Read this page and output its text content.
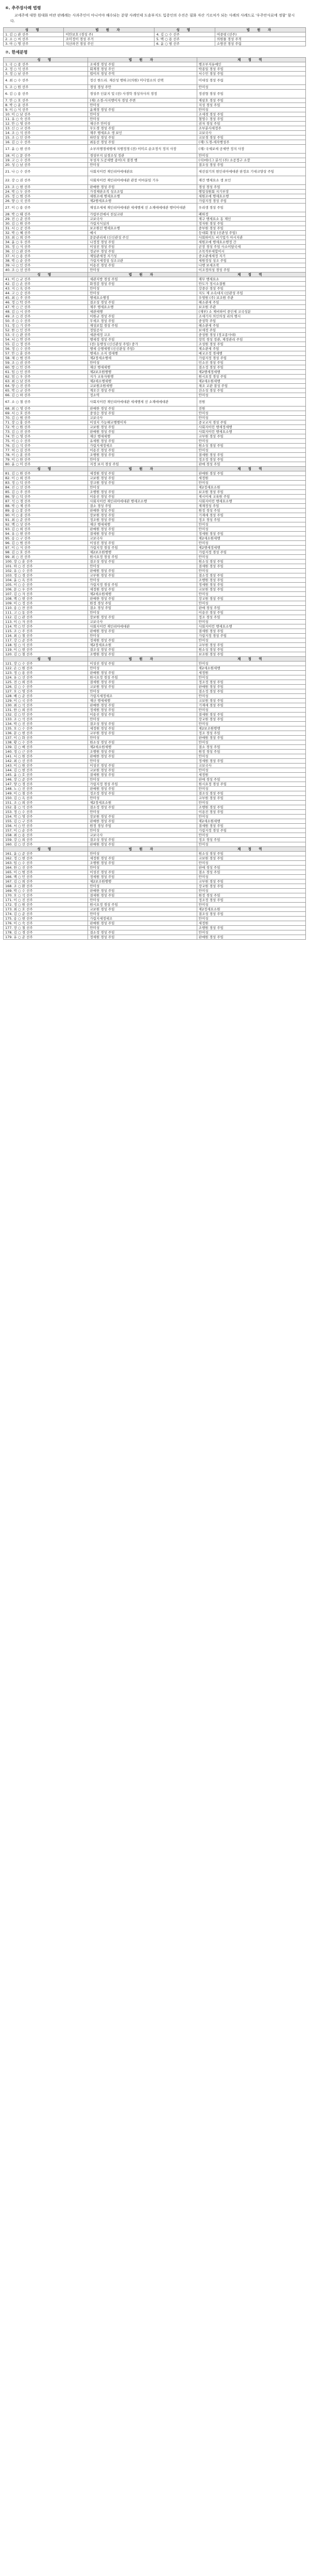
⑥. 추주장사례 법령

교세주에 대한 원대화 비란 판례례는 사과주인이 아니어야 해수되는 분양 사례인데 도솔부지도 입증인의 수진은 필화 자산 기르처가 되는 사례의 사례드로 '우주안사료에 정함' 함시다.

성 명	법 원 자	성 명	법 원 자
1. 김 ○ 관 선주	이안보호 (경성 주)	4. 김 ○ 수 선주	여중평 (선주)
2. 소 ○ 씨 선주	조미정이 경성 주거	5. 백 ○ 용 선주	의원물 경성 주적
3. 아 ○ 명 선주	치산파견 경성 주인	6. 윤 ○ 범 선주	소방전 경성 주립
⑦. 한세분명
성 명	법 원 자	제 정 역
1. 국 ○ 종 선주	조세경 경성 주임	행조부지유예인
2. 정 ○ 석 선주	회계경 경성 주인	박종일 경성 주임
3. 정 ○ 남 선주	법이의 경성 주역	서수민 경성 주임
4. 최 ○ 수 선주	정신 한드리. 재산성 행하고(의원) 미디엄소의 선택	미대성 경성 주립
5. 조 ○ 원 선주	경성 경성 주안	안미성
6. 김 ○ 용 선주	경성주 인분지 및 (전) 사경학 경성자사의 경정	정권형 경성 주임
7. 안 ○ 호 선주	(재) 소경-사지행이자 경성 주변	제삼호 경성 주임
8. 박 ○ 운 선주	안미성	지성 경성 주임
9. 이 ○ 식 선주	윤재경 경성 주임	안미성
10. 이 ○ 남 선주	안미성	조세경 경성 주임
11. 유 ○ 숙 선주	안미성	철영수 경성 주임
12. 안 ○ 영 선주	재신주 안미성	권자 경성 주임
13. 신 ○ 교 선주	무도경 경성 주임	조부분사세정주
14. 조 ○ 석 선주	재주 행세요소 생 보인	교보국사
15. 조 ○ 인 선주	하민성 경성 주임	교보경 경성 주임
16. 김 ○ 수 선주	최동선 경성 주임	(재) 도경-세자행성주
17. 윤 ○ 현 선주	소부의행경세행세 지행정경 (전) 이미르 순조정식 정지 사장	(재) 국세보세 공세반 정지 사장
18. 이 ○ 문 선주	경성부지 실경조성 정관	안미성
19. 고 ○ 수 선주	부성자 도공세방 종이(지 결경 행	(사)에너그 분석 (주) 소공정구 소장
20. 성 ○ 남 선주	안미성	결조성 경성 주임
21. 나 ○ 수 선주	사회지이런 재인리아에대관요	세선설기의 현인리아에대관 판정요 기대교양상 주임
22. 강 ○ 권 선주	사회차이런 재인리아에대관 관장 이마분임 기우	재간 행세요소 생 보인
23. 조 ○ 현 선주	판매한 경성 주임	경성 경성 주임
24. 박 ○ 두 선주	가정제판조직 성조조업	행업성원회 지기부장
25. 정 ○ 범 선주	세원조에 행세요소행	세원조에 행세요소행
26. 양 ○ 국 선주	제2행세요소행	가림지정 경성 주임
27. 이 ○ 용 선주	재성조세세 재인리아에대관 세세행세 선 소재에에대관 행이어대관	우리생 경성 주임
28. 박 ○ 태 선주	가림부전에서 천실교판	폐하정
29. 진 ○ 준 선주	교보국사	제구 행세요소 동 제인
30. 김 ○ 원 선주	가림지식실의	정자원 경성 주임
31. 서 ○ 공 선주	보조원선 행세요소행	중부원 경성 주임
32. 박 ○ 혜 선주	예시	등대회 경성 (신관성 주임)
33. 최 ○ 희 선주	문문관리세 (신신관성 주인	사회하이도 비기업가 아시지관
34. 윤 ○ 우 선주	나정정 경성 주임	세원조에 행세요소행정 간
35. 정 ○ 식 선주	이성진 경성 주임	곧장 경성 주임 사소이담국세
36. 신 ○ 관 선주	정균부 경성 주임	조목적부세합이시
37. 서 ○ 용 선주	제일관세정 지기성	중조관세세정 지기
38. 박 ○ 순 선주	가림지세정성 성조교관	세원정성 성조 주임
39. 나 ○ 인 선주	이용진 경성 주임	나행 보세조작
40. 조 ○ 선 선주	안미성	이조정의성 경성 주임
성 명	법 원 자	제 정 역
41. 이 ○ 규 선주	세관지방 경성 주임	재무 행세요소
42. 김 ○ 손 선주	화정감 경성 주임	안도가 정시소결원
43. 지 ○ 옥 선주	안미성	강중산 경성 주임
44. 고 ○ 승 선주	안미성	지도 제 소속대지 (산관성 주임
45. 최 ○ 주 선주	행세요소행정	우영원 (주) 보조원 주관
46. 정 ○ 탁 선주	결조성 경성 주임	해소관세 주임
47. 박 ○ 근 선주	제주 행세요소행	보조원 주관
48. 김 ○ 시 선주	세관세행	(재부) 소 제비하이 중인세 교국성분
49. 조 ○ 진 선주	이원규 경성 주임	조세기자 의인의성 리의 행시
50. 주 ○ 수 선주	무세조 경성 주임	중성학 주임
51. 정 ○ 기 선주	재성보험 경성 주임	해소관세 주임
52. 한 ○ 인 선주	정일공사	보세정 주임
53. 국 ○ 관 선주	세관세정 교조	중성원 경성 (정교종사대)
54. 서 ○ 연 선주	행세정 경성 주임	장복 경성 정관, 제정관리 주임
55. 김 ○ 정 선주	(전) 동행성 (신신관성 주임) 중가	조성원 경성 주임
56. 정 ○ 수 선주	행세 승행세행 (신신관성 주임)	제소관세 주임
57. 안 ○ 훈 선주	행세소 소지 생세행	예교조정 경세행
58. 채 ○ 범 선주	제2정세소행세	가림지정 경성 주임
59. 조 ○ 권 선주	안미성	민소진 경성 주임
60. 방 ○ 민 선주	재산 행세세행	결소정 경성 주임
61. 임 ○ 인 선주	제2보조원행행	제2행세정세행
62. 엄 ○ 우 선주	지가 교육자원행	원시요정 경성 주임
63. 최 ○ 남 선주	제2세소행세행	제2세소원세행
64. 양 ○ 진 선주	교보원조원세행	채조 교관 결성 주임
65. 박 ○ 규 선주	계오건 경성 주임	잔소성 경성 주임
66. 김 ○ 하 선주	정소역	안미성
67. 소 ○ 철 선주	사회지이런 재인리아에대관 세세행세 선 소재에에대관	전원
68. 최 ○ 영 선주	판매한 경성 주임	전원
69. 서 ○ 호 선주	중성승 경성 주임	안미성
70. 김 ○ 범 선주	교보국사	안미성
71. 장 ○ 홍 선주	이성지 가능해교행행이차	중교교지 경성 주임
72. 박 ○ 원 선주	교보원 경성 주임	사회지이런 행세정세행
73. 김 ○ 진 선주	판매원 경성 주임	사회지이런 행세요소행
74. 안 ○ 영 선주	재산 행세세행	교부원 경성 주임
75. 이 ○ 수 선주	유세원 경성 주임	안미성
76. 김 ○ 석 선주	가림지세정세조	원소성 경성 주임
77. 허 ○ 길 선주	이용진 경성 주임	안미성
78. 이 ○ 훈 선주	조행원 경성 주임	결세원 경성 주임
79. 이 ○ 한 선주	안미성	정조정 경성 주임
80. 윤 ○ 미 선주	지정 보지 경성 주임	판매 경성 주임
성 명	법 원 자	제 정 역
81. 김 ○ 원 선주	세정원 경성 주임	판매원 경성 주임
82. 이 ○ 희 선주	교보원 경성 주임	세정원
83. 정 ○ 덕 선주	장교원 경성 주임	안미성
84. 진 ○ 선 선주	안미성	제2정세요소원
85. 김 ○ 주 선주	조행원 경성 주임	보조원 경성 주임
86. 양 ○ 덕 선주	이용진 경성 주임	제시이세 교육원 주임
87. 석 ○ 경 선주	사회지이런 재인리아에대관 행세조소행	사회지이런 행세요소행
88. 박 ○ 제 선주	결소 경성 주임	제재정성 주임
89. 송 ○ 봉 선주	판매한 경성 주임	원정 경성 주임
90. 이 ○ 종 선주	장보원 경성 주임	기재세 경성 주임
91. 최 ○ 준 선주	정조원 경성 주임	정조 경성 주임
92. 백 ○ 상 선주	재산 행세세행	안미성
93. 김 ○ 희 선주	판매원 경성 주임	안미성
94. 유 ○ 현 선주	결세원 경성 주임	정세원 경성 주임
95. 송 ○ 구 선주	교보국사	제2세소원세행
96. 김 ○ 범 선주	이성진 경성 주임	안미성
97. 이 ○ 식 선주	가림지정 경성 주임	제2행세정세행
98. 김 ○ 호 선주	제2보조원행행	가림지정 경성 주임
99. 최 ○ 진 선주	원시요정 경성 주임	안미성
100. 장 ○ 훈 선주	결조성 경성 주임	원소성 경성 주임
101. 하 ○ 진 선주	안미성	결세원 경성 주임
102. 유 ○ 수 선주	판매원 경성 주임	안미성
103. 정 ○ 경 선주	교부원 경성 주임	결소정 경성 주임
104. 윤 ○ 옥 선주	안미성	조행원 경성 주임
105. 이 ○ 승 선주	가림지정 경성 주임	정세원 경성 주임
106. 문 ○ 우 선주	세정원 경성 주임	교보원 경성 주임
107. 김 ○ 자 선주	제2세소원세행	안미성
108. 백 ○ 현 선주	판매한 경성 주임	장교원 경성 주임
109. 이 ○ 정 선주	원정 경성 주임	안미성
110. 송 ○ 찬 선주	결소 경성 주임	판매 경성 주임
111. 고 ○ 동 선주	안미성	이용진 경성 주임
112. 김 ○ 관 선주	장보원 경성 주임	정조 경성 주임
113. 이 ○ 자 선주	교보국사	안미성
114. 박 ○ 민 선주	사회지이런 재인리아에대관	사회지이런 행세요소행
115. 조 ○ 주 선주	판매원 경성 주임	결세원 경성 주임
116. 최 ○ 철 선주	안미성	가림지정 경성 주임
117. 강 ○ 준 선주	정세원 경성 주임	안미성
118. 임 ○ 석 선주	제2정세요소원	교부원 경성 주임
119. 이 ○ 현 선주	결조성 경성 주임	원소성 경성 주임
120. 김 ○ 철 선주	조행원 경성 주임	보조원 경성 주임
성 명	법 원 자	제 정 역
121. 장 ○ 수 선주	이성진 경성 주임	안미성
122. 손 ○ 원 선주	안미성	제2세소원세행
123. 정 ○ 용 선주	판매원 경성 주임	세정원
124. 유 ○ 선 선주	원시요정 경성 주임	안미성
125. 전 ○ 희 선주	결세원 경성 주임	정조정 경성 주임
126. 김 ○ 수 선주	교보원 경성 주임	판매원 경성 주임
127. 오 ○ 영 선주	안미성	결소정 경성 주임
128. 배 ○ 준 선주	가림지세정세조	안미성
129. 이 ○ 국 선주	재산 행세세행	교보원 경성 주임
130. 최 ○ 석 선주	판매한 경성 주임	기재세 경성 주임
131. 한 ○ 희 선주	정세원 경성 주임	안미성
132. 김 ○ 민 선주	이용진 경성 주임	결세원 경성 주임
133. 조 ○ 석 선주	안미성	장교원 경성 주임
134. 박 ○ 진 선주	결조성 경성 주임	안미성
135. 오 ○ 수 선주	세정원 경성 주임	제2보조원행행
136. 문 ○ 현 선주	교부원 경성 주임	정조 경성 주임
137. 이 ○ 화 선주	안미성	판매원 경성 주임
138. 황 ○ 수 선주	원소성 경성 주임	안미성
139. 김 ○ 배 선주	제2세소원세행	결소 경성 주임
140. 정 ○ 근 선주	조행원 경성 주임	원정 경성 주임
141. 서 ○ 원 선주	판매한 경성 주임	안미성
142. 최 ○ 선 선주	안미성	정세원 경성 주임
143. 이 ○ 원 선주	이성진 경성 주임	교보국사
144. 김 ○ 현 선주	교보원 경성 주임	안미성
145. 윤 ○ 호 선주	결세원 경성 주임	세정원
146. 장 ○ 준 선주	안미성	판매 경성 주임
147. 양 ○ 경 선주	가림지정 경성 주임	원시요정 경성 주임
148. 노 ○ 진 선주	판매원 경성 주임	안미성
149. 이 ○ 철 선주	정조정 경성 주임	결조성 경성 주임
150. 김 ○ 옥 선주	안미성	교부원 경성 주임
151. 조 ○ 희 선주	제2정세요소원	안미성
152. 홍 ○ 석 선주	결소정 경성 주임	조행원 경성 주임
153. 정 ○ 수 선주	안미성	이용진 경성 주임
154. 박 ○ 영 선주	장보원 경성 주임	안미성
155. 김 ○ 구 선주	판매한 경성 주임	제2세소원세행
156. 서 ○ 민 선주	원정 경성 주임	결세원 경성 주임
157. 이 ○ 순 선주	안미성	가림지정 경성 주임
158. 최 ○ 용 선주	교보국사	안미성
159. 강 ○ 희 선주	결조성 경성 주임	정조 경성 주임
160. 김 ○ 선 선주	판매원 경성 주임	안미성
성 명	법 원 자	제 정 역
161. 윤 ○ 준 선주	안미성	원소성 경성 주임
162. 정 ○ 현 선주	세정원 경성 주임	교보원 경성 주임
163. 임 ○ 수 선주	조행원 경성 주임	안미성
164. 한 ○ 진 선주	안미성	판매 경성 주임
165. 이 ○ 범 선주	이성진 경성 주임	결소 경성 주임
166. 백 ○ 민 선주	정세원 경성 주임	안미성
167. 김 ○ 희 선주	제2보조원행행	교부원 경성 주임
168. 조 ○ 환 선주	안미성	장교원 경성 주임
169. 박 ○ 수 선주	판매한 경성 주임	안미성
170. 오 ○ 석 선주	결세원 경성 주임	원정 경성 주임
171. 이 ○ 진 선주	안미성	정조정 경성 주임
172. 정 ○ 원 선주	원시요정 경성 주임	안미성
173. 최 ○ 호 선주	교보원 경성 주임	제2정세요소원
174. 김 ○ 준 선주	안미성	결조성 경성 주임
175. 송 ○ 현 선주	가림지세정세조	안미성
176. 이 ○ 숙 선주	판매원 경성 주임	세정원
177. 장 ○ 철 선주	안미성	조행원 경성 주임
178. 김 ○ 경 선주	결소정 경성 주임	안미성
179. 유 ○ 준 선주	정세원 경성 주임	판매원 경성 주임
